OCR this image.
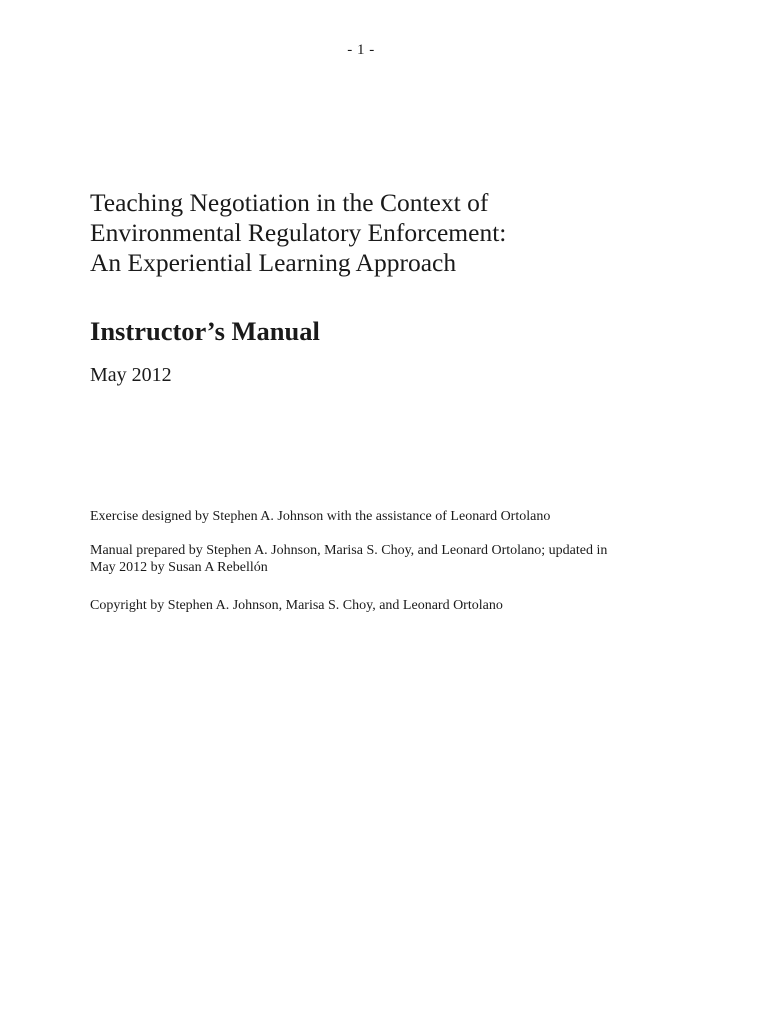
- 1 -
Teaching Negotiation in the Context of
Environmental Regulatory Enforcement:
An Experiential Learning Approach
Instructor’s Manual
May 2012

Exercise designed by Stephen A. Johnson with the assistance of Leonard Ortolano

Manual prepared by Stephen A. Johnson, Marisa S. Choy, and Leonard Ortolano; updated in
May 2012 by Susan A Rebellón

Copyright by Stephen A. Johnson, Marisa S. Choy, and Leonard Ortolano
